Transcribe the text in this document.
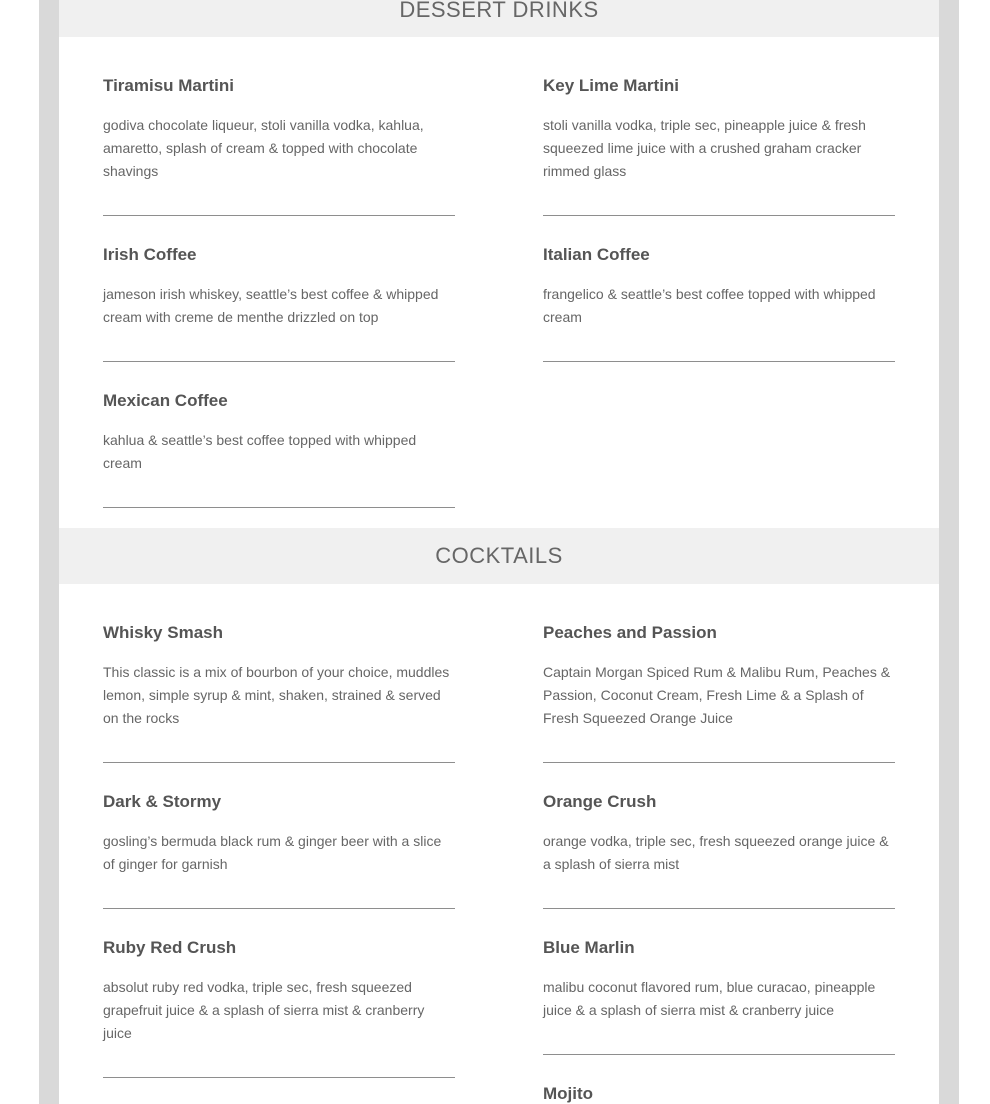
DESSERT DRINKS
Tiramisu Martini

godiva chocolate liqueur, stoli vanilla vodka, kahlua, amaretto, splash of cream & topped with chocolate shavings

Key Lime Martini

stoli vanilla vodka, triple sec, pineapple juice & fresh squeezed lime juice with a crushed graham cracker rimmed glass

Irish Coffee

jameson irish whiskey, seattle’s best coffee & whipped cream with creme de menthe drizzled on top

Italian Coffee

frangelico & seattle’s best coffee topped with whipped cream

Mexican Coffee

kahlua & seattle’s best coffee topped with whipped cream

COCKTAILS
Whisky Smash

This classic is a mix of bourbon of your choice, muddles lemon, simple syrup & mint, shaken, strained & served on the rocks

Peaches and Passion

Captain Morgan Spiced Rum & Malibu Rum, Peaches & Passion, Coconut Cream, Fresh Lime & a Splash of Fresh Squeezed Orange Juice

Dark & Stormy

gosling’s bermuda black rum & ginger beer with a slice of ginger for garnish

Orange Crush

orange vodka, triple sec, fresh squeezed orange juice & a splash of sierra mist

Ruby Red Crush

absolut ruby red vodka, triple sec, fresh squeezed grapefruit juice & a splash of sierra mist & cranberry juice

Blue Marlin

malibu coconut flavored rum, blue curacao, pineapple juice & a splash of sierra mist & cranberry juice

Mojito
